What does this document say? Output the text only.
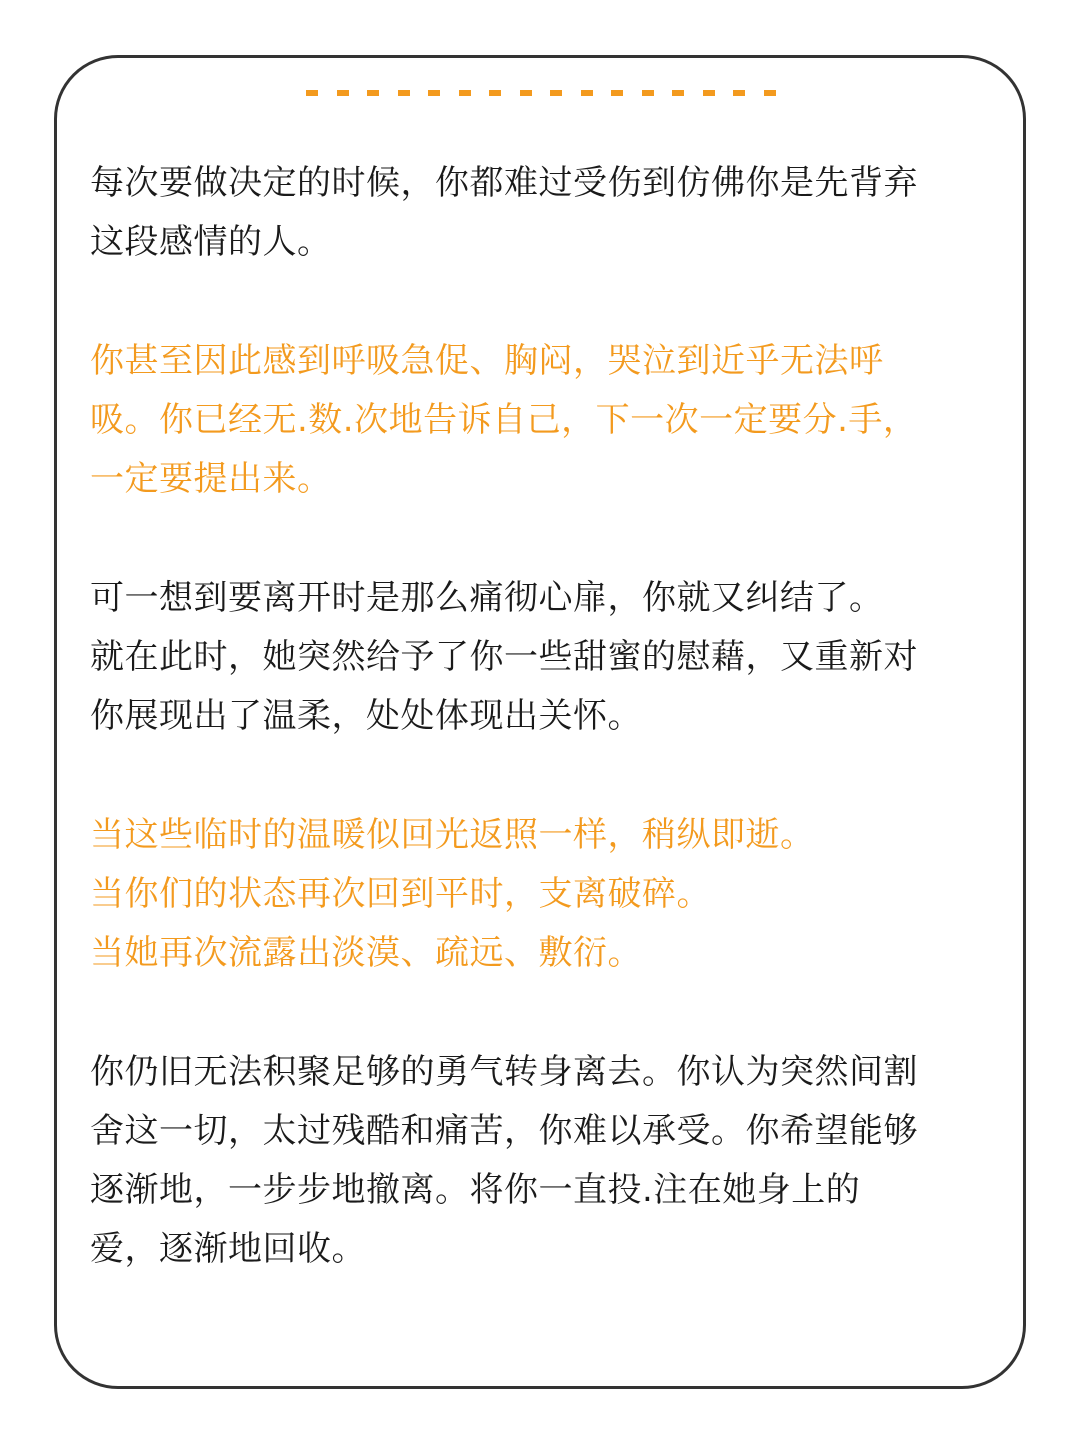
每次要做决定的时候，你都难过受伤到仿佛你是先背弃
这段感情的人。

你甚至因此感到呼吸急促、胸闷，哭泣到近乎无法呼
吸。你已经无.数.次地告诉自己，下一次一定要分.手，
一定要提出来。

可一想到要离开时是那么痛彻心扉，你就又纠结了。
就在此时，她突然给予了你一些甜蜜的慰藉，又重新对
你展现出了温柔，处处体现出关怀。

当这些临时的温暖似回光返照一样，稍纵即逝。
当你们的状态再次回到平时，支离破碎。
当她再次流露出淡漠、疏远、敷衍。

你仍旧无法积聚足够的勇气转身离去。你认为突然间割
舍这一切，太过残酷和痛苦，你难以承受。你希望能够
逐渐地，一步步地撤离。将你一直投.注在她身上的
爱，逐渐地回收。
